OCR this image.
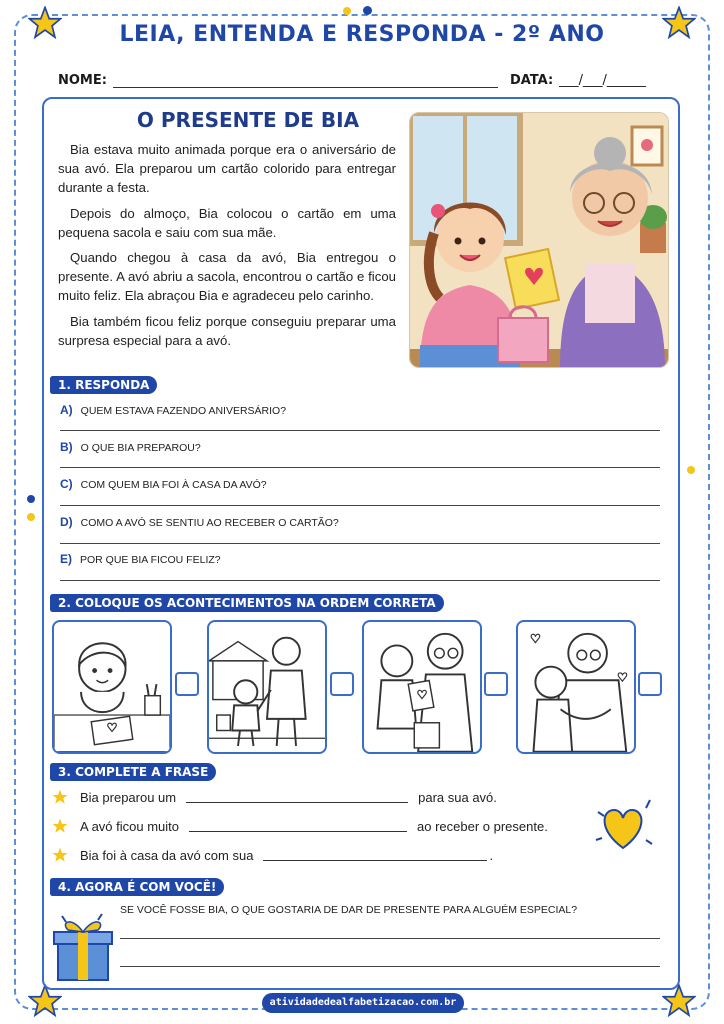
LEIA, ENTENDA E RESPONDA - 2º ANO
NOME:	DATA: ___/___/______
O PRESENTE DE BIA

Bia estava muito animada porque era o aniversário de sua avó. Ela preparou um cartão colorido para entregar durante a festa.

Depois do almoço, Bia colocou o cartão em uma pequena sacola e saiu com sua mãe.

Quando chegou à casa da avó, Bia entregou o presente. A avó abriu a sacola, encontrou o cartão e ficou muito feliz. Ela abraçou Bia e agradeceu pelo carinho.

Bia também ficou feliz porque conseguiu preparar uma surpresa especial para a avó.

1. RESPONDA
A) QUEM ESTAVA FAZENDO ANIVERSÁRIO?
B) O QUE BIA PREPAROU?
C) COM QUEM BIA FOI À CASA DA AVÓ?
D) COMO A AVÓ SE SENTIU AO RECEBER O CARTÃO?
E) POR QUE BIA FICOU FELIZ?
2. COLOQUE OS ACONTECIMENTOS NA ORDEM CORRETA
3. COMPLETE A FRASE
Bia preparou um	para sua avó.
A avó ficou muito	ao receber o presente.
Bia foi à casa da avó com sua	.
4. AGORA É COM VOCÊ!
SE VOCÊ FOSSE BIA, O QUE GOSTARIA DE DAR DE PRESENTE PARA ALGUÉM ESPECIAL?
atividadedealfabetizacao.com.br
